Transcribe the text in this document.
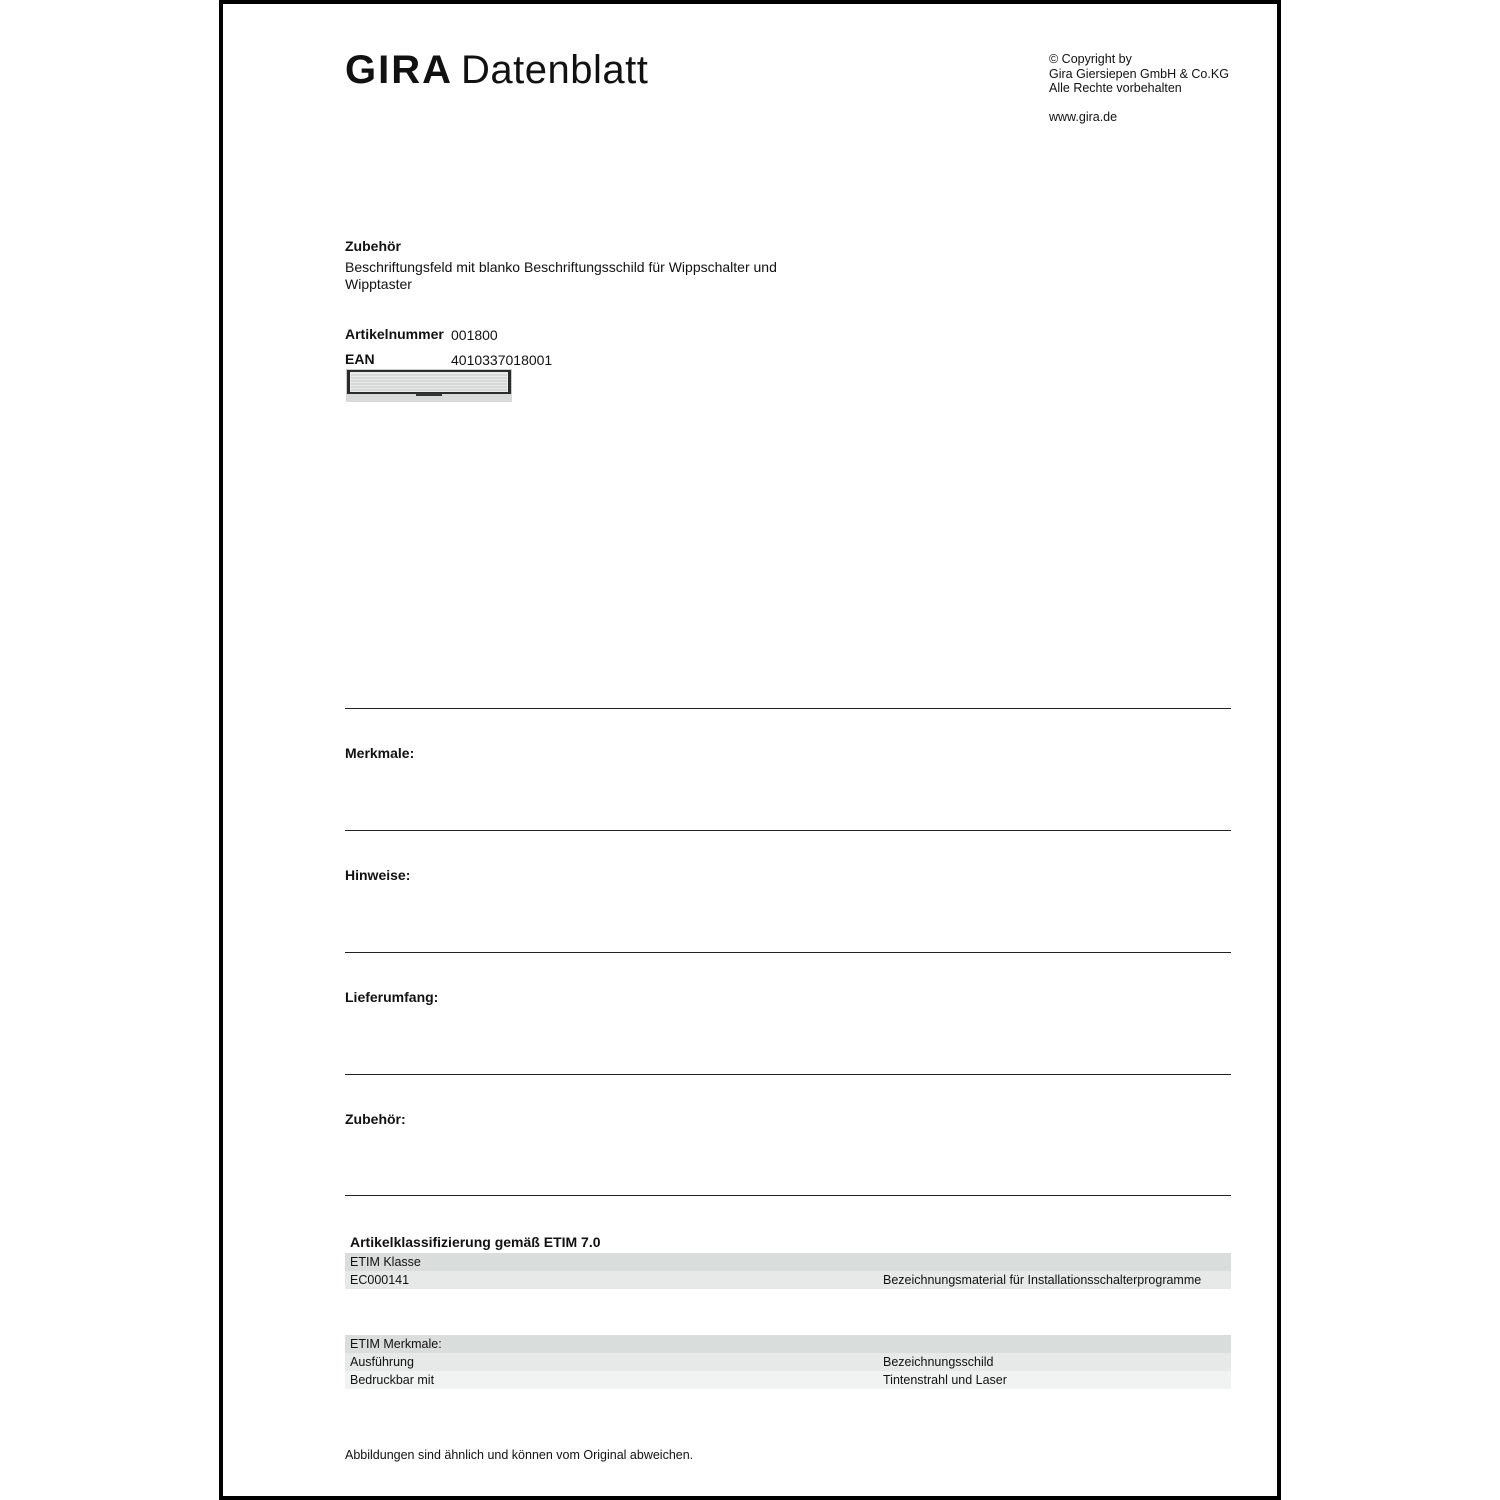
GIRA Datenblatt	© Copyright by
Gira Giersiepen GmbH & Co.KG
Alle Rechte vorbehalten
www.gira.de
Zubehör
Beschriftungsfeld mit blanko Beschriftungsschild für Wippschalter und
Wipptaster
Artikelnummer 001800
EAN	4010337018001
Merkmale:
Hinweise:
Lieferumfang:
Zubehör:
Artikelklassifizierung gemäß ETIM 7.0
ETIM Klasse
EC000141	Bezeichnungsmaterial für Installationsschalterprogramme
ETIM Merkmale:
Ausführung	Bezeichnungsschild
Bedruckbar mit	Tintenstrahl und Laser
Abbildungen sind ähnlich und können vom Original abweichen.
